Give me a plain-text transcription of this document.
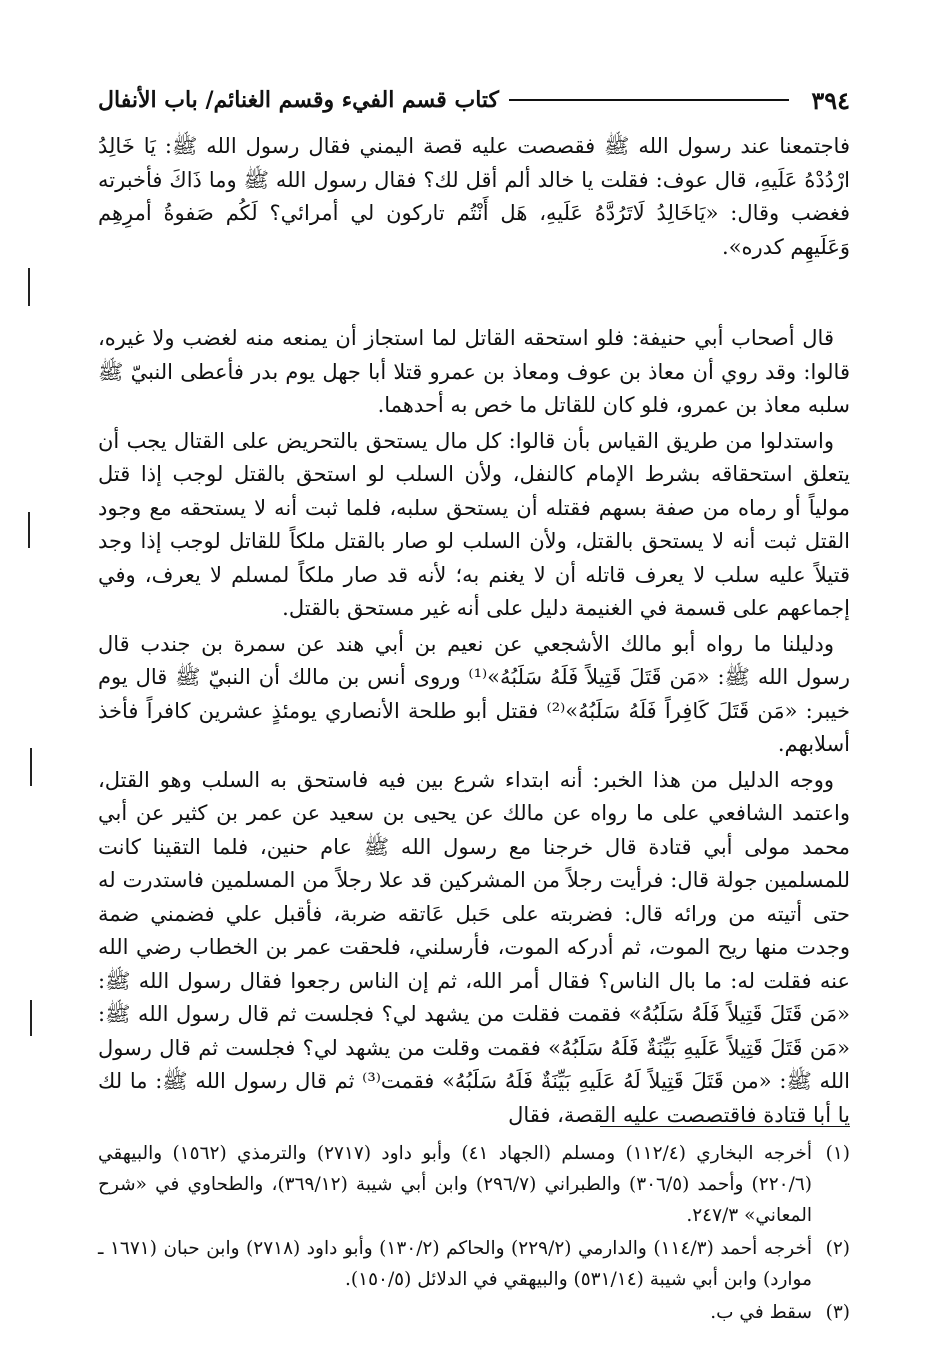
٣٩٤
كتاب قسم الفيء وقسم الغنائم/ باب الأنفال

فاجتمعنا عند رسول الله ﷺ فقصصت عليه قصة اليمني فقال رسول الله ﷺ: يَا خَالِدُ ارْدُدْهُ عَلَيهِ، قال عوف: فقلت يا خالد ألم أقل لك؟ فقال رسول الله ﷺ وما ذَاكَ فأخبرته فغضب وقال: «يَاخَالِدُ لَاتَرُدَّهُ عَلَيهِ، هَل أَنْتُم تاركون لي أمرائي؟ لَكُم صَفوةُ أمرِهِم وَعَلَيهِم كدره».

قال أصحاب أبي حنيفة: فلو استحقه القاتل لما استجاز أن يمنعه منه لغضب ولا غيره، قالوا: وقد روي أن معاذ بن عوف ومعاذ بن عمرو قتلا أبا جهل يوم بدر فأعطى النبيّ ﷺ سلبه معاذ بن عمرو، فلو كان للقاتل ما خص به أحدهما.

واستدلوا من طريق القياس بأن قالوا: كل مال يستحق بالتحريض على القتال يجب أن يتعلق استحقاقه بشرط الإمام كالنفل، ولأن السلب لو استحق بالقتل لوجب إذا قتل مولياً أو رماه من صفة بسهم فقتله أن يستحق سلبه، فلما ثبت أنه لا يستحقه مع وجود القتل ثبت أنه لا يستحق بالقتل، ولأن السلب لو صار بالقتل ملكاً للقاتل لوجب إذا وجد قتيلاً عليه سلب لا يعرف قاتله أن لا يغنم به؛ لأنه قد صار ملكاً لمسلم لا يعرف، وفي إجماعهم على قسمة في الغنيمة دليل على أنه غير مستحق بالقتل.

ودليلنا ما رواه أبو مالك الأشجعي عن نعيم بن أبي هند عن سمرة بن جندب قال رسول الله ﷺ: «مَن قَتَلَ قَتِيلاً فَلَهُ سَلَبُهُ»⁽¹⁾ وروى أنس بن مالك أن النبيّ ﷺ قال يوم خيبر: «مَن قَتَلَ كَافِراً فَلَهُ سَلَبُهُ»⁽²⁾ فقتل أبو طلحة الأنصاري يومئذٍ عشرين كافراً فأخذ أسلابهم.

ووجه الدليل من هذا الخبر: أنه ابتداء شرع بين فيه فاستحق به السلب وهو القتل، واعتمد الشافعي على ما رواه عن مالك عن يحيى بن سعيد عن عمر بن كثير عن أبي محمد مولى أبي قتادة قال خرجنا مع رسول الله ﷺ عام حنين، فلما التقينا كانت للمسلمين جولة قال: فرأيت رجلاً من المشركين قد علا رجلاً من المسلمين فاستدرت له حتى أتيته من ورائه قال: فضربته على حَبل عَاتقه ضربة، فأقبل علي فضمني ضمة وجدت منها ريح الموت، ثم أدركه الموت، فأرسلني، فلحقت عمر بن الخطاب رضي الله عنه فقلت له: ما بال الناس؟ فقال أمر الله، ثم إن الناس رجعوا فقال رسول الله ﷺ: «مَن قَتَلَ قَتِيلاً فَلَهُ سَلَبُهُ» فقمت فقلت من يشهد لي؟ فجلست ثم قال رسول الله ﷺ: «مَن قَتَلَ قَتِيلاً عَلَيهِ بَيِّنَةٌ فَلَهُ سَلَبُهُ» فقمت وقلت من يشهد لي؟ فجلست ثم قال رسول الله ﷺ: «من قَتَلَ قَتِيلاً لَهُ عَلَيهِ بَيِّنَةٌ فَلَهُ سَلَبُهُ» فقمت⁽³⁾ ثم قال رسول الله ﷺ: ما لك يا أبا قتادة فاقتصصت عليه القصة، فقال

(١)
أخرجه البخاري (١١٢/٤) ومسلم (الجهاد ٤١) وأبو داود (٢٧١٧) والترمذي (١٥٦٢) والبيهقي (٢٢٠/٦) وأحمد (٣٠٦/٥) والطبراني (٢٩٦/٧) وابن أبي شيبة (٣٦٩/١٢)، والطحاوي في «شرح المعاني» ٢٤٧/٣.
(٢)
أخرجه أحمد (١١٤/٣) والدارمي (٢٢٩/٢) والحاكم (١٣٠/٢) وأبو داود (٢٧١٨) وابن حبان (١٦٧١ ـ موارد) وابن أبي شيبة (٥٣١/١٤) والبيهقي في الدلائل (١٥٠/٥).
(٣)
سقط في ب.
